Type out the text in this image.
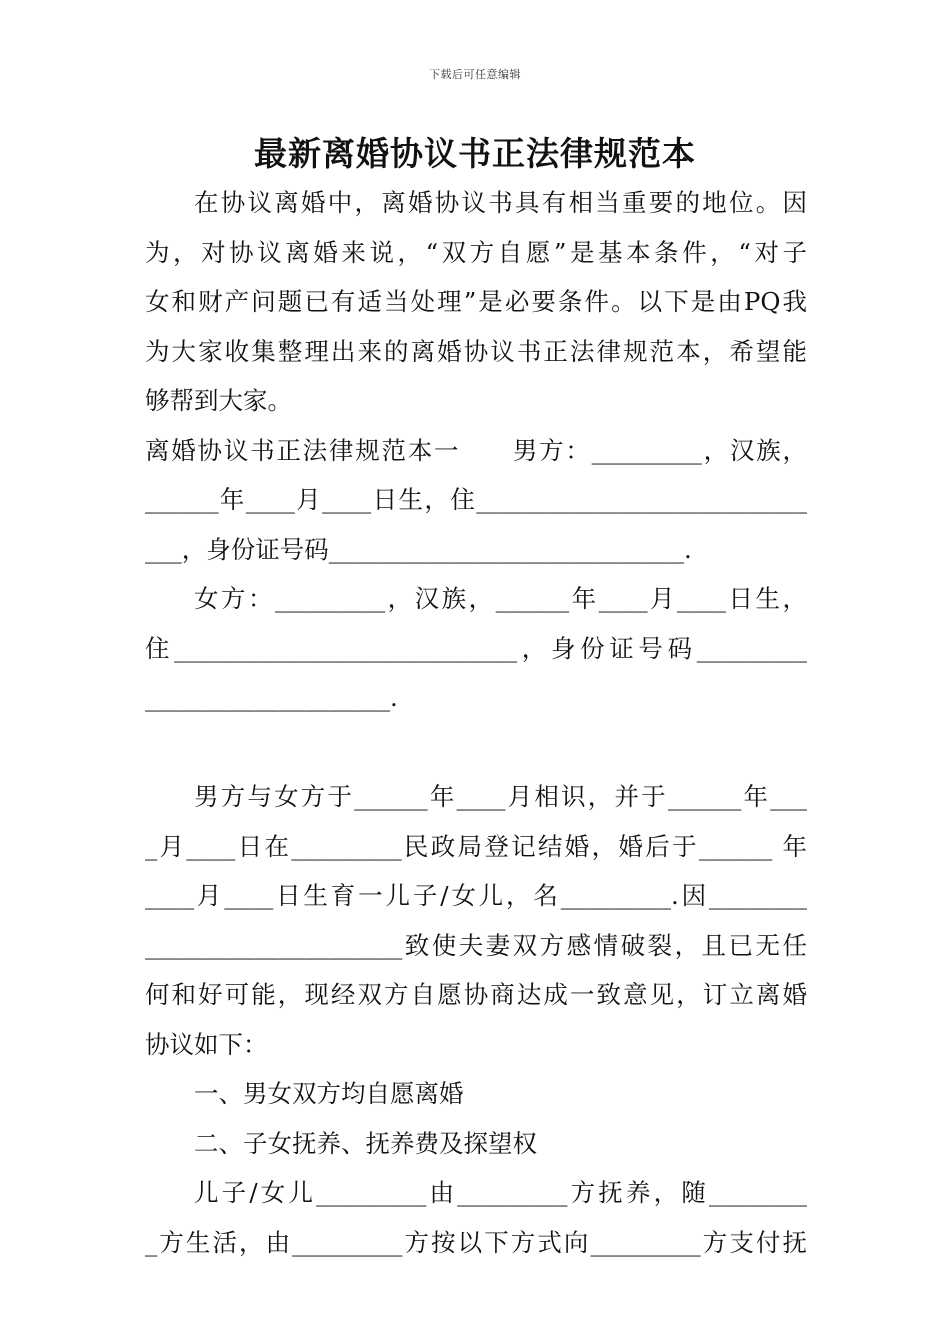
下载后可任意编辑
最新离婚协议书正法律规范本
在协议离婚中，离婚协议书具有相当重要的地位。因
为，对协议离婚来说，“双方自愿”是基本条件，“对子
女和财产问题已有适当处理”是必要条件。以下是由PQ我
为大家收集整理出来的离婚协议书正法律规范本，希望能
够帮到大家。
离婚协议书正法律规范本一　　男方：_________，汉族，
______年____月____日生，住___________________________
___，身份证号码_____________________________.
女方：_________，汉族，______年____月____日生，
住____________________________，身份证号码_________
____________________.
男方与女方于______年____月相识，并于______年___
_月____日在_________民政局登记结婚，婚后于______ 年
____月____日生育一儿子/女儿，名_________.因________
_____________________致使夫妻双方感情破裂，且已无任
何和好可能，现经双方自愿协商达成一致意见，订立离婚
协议如下：
一、男女双方均自愿离婚
二、子女抚养、抚养费及探望权
儿子/女儿_________由_________方抚养，随________
_方生活，由_________方按以下方式向_________方支付抚
